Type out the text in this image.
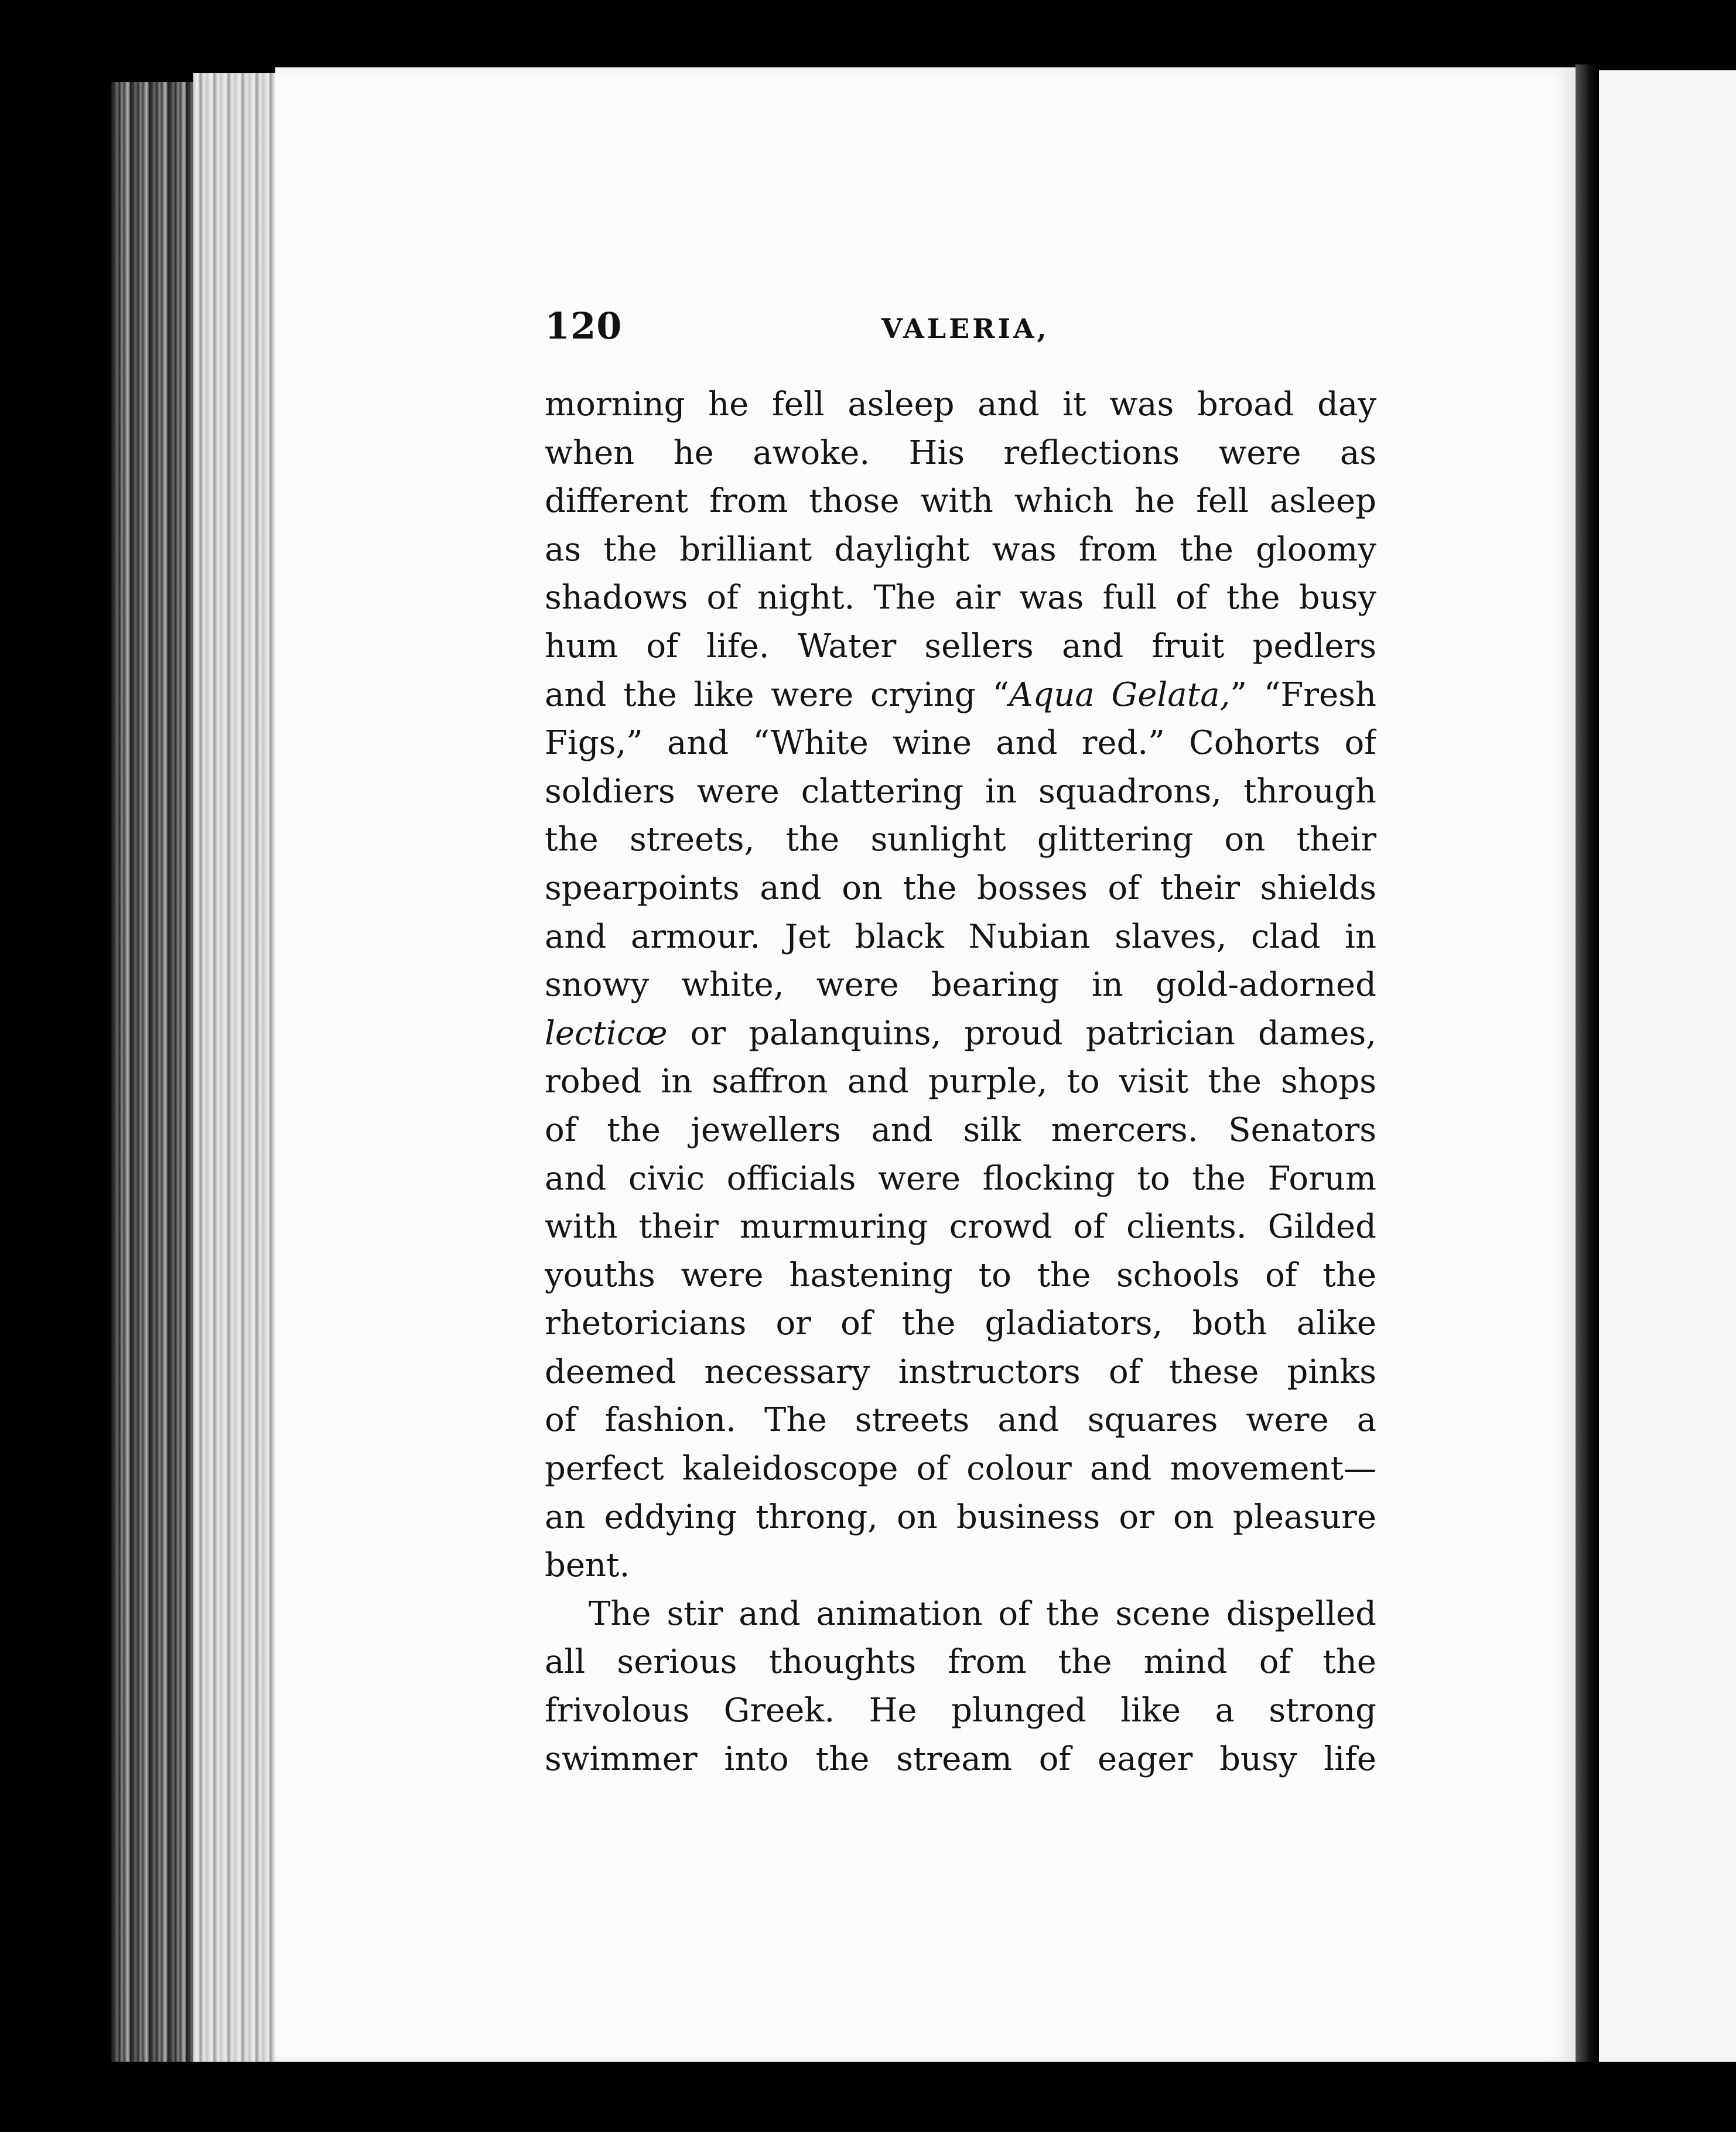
120	VALERIA,

morning he fell asleep and it was broad day
when he awoke. His reflections were as
different from those with which he fell asleep
as the brilliant daylight was from the gloomy
shadows of night. The air was full of the busy
hum of life. Water sellers and fruit pedlers
and the like were crying “Aqua Gelata,” “Fresh
Figs,” and “White wine and red.” Cohorts of
soldiers were clattering in squadrons, through
the streets, the sunlight glittering on their
spearpoints and on the bosses of their shields
and armour. Jet black Nubian slaves, clad in
snowy white, were bearing in gold-adorned
lecticœ or palanquins, proud patrician dames,
robed in saffron and purple, to visit the shops
of the jewellers and silk mercers. Senators
and civic officials were flocking to the Forum
with their murmuring crowd of clients. Gilded
youths were hastening to the schools of the
rhetoricians or of the gladiators, both alike
deemed necessary instructors of these pinks
of fashion. The streets and squares were a
perfect kaleidoscope of colour and movement—
an eddying throng, on business or on pleasure
bent.

The stir and animation of the scene dispelled
all serious thoughts from the mind of the
frivolous Greek. He plunged like a strong
swimmer into the stream of eager busy life
